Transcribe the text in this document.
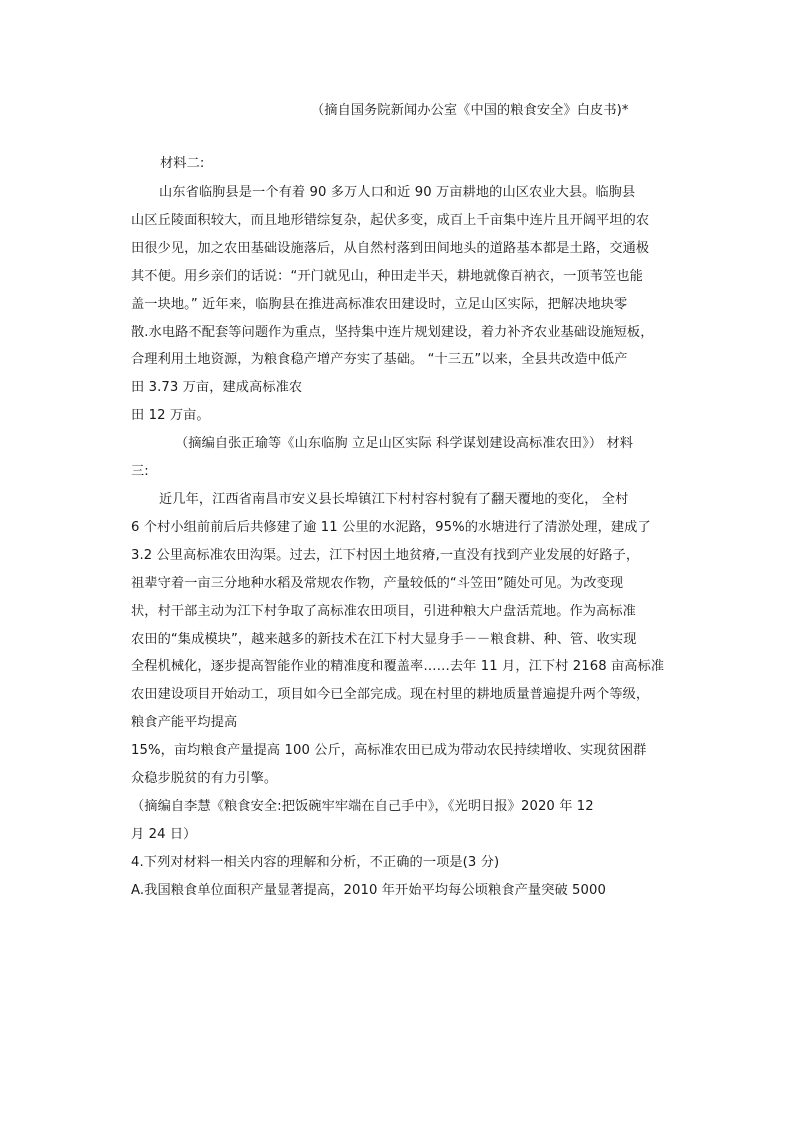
（摘自国务院新闻办公室《中国的粮食安全》白皮书)*
材料二:
山东省临朐县是一个有着 90 多万人口和近 90 万亩耕地的山区农业大县。临朐县
山区丘陵面积较大，而且地形错综复杂，起伏多变，成百上千亩集中连片且开阔平坦的农
田很少见，加之农田基础设施落后，从自然村落到田间地头的道路基本都是土路，交通极
其不便。用乡亲们的话说：“开门就见山，种田走半天，耕地就像百衲衣，一顶苇笠也能
盖一块地。” 近年来，临朐县在推进高标准农田建设时，立足山区实际，把解决地块零
散.水电路不配套等问题作为重点，坚持集中连片规划建设，着力补齐农业基础设施短板，
合理利用土地资源，为粮食稳产增产夯实了基础。 “十三五”以来，全县共改造中低产
田 3.73 万亩，建成高标准农
田 12 万亩。
（摘编自张正瑜等《山东临朐 立足山区实际 科学谋划建设高标准农田》） 材料
三:
近几年，江西省南昌市安义县长埠镇江下村村容村貌有了翻天覆地的变化， 全村
6 个村小组前前后后共修建了逾 11 公里的水泥路，95%的水塘进行了清淤处理，建成了
3.2 公里高标准农田沟渠。过去，江下村因土地贫瘠,一直没有找到产业发展的好路子，
祖辈守着一亩三分地种水稻及常规农作物，产量较低的“斗笠田”随处可见。为改变现
状，村干部主动为江下村争取了高标准农田项目，引进种粮大户盘活荒地。作为高标准
农田的“集成模块”，越来越多的新技术在江下村大显身手－－粮食耕、种、管、收实现
全程机械化，逐步提高智能作业的精准度和覆盖率……去年 11 月，江下村 2168 亩高标准
农田建设项目开始动工，项目如今已全部完成。现在村里的耕地质量普遍提升两个等级，
粮食产能平均提高
15%，亩均粮食产量提高 100 公斤，高标准农田已成为带动农民持续增收、实现贫困群
众稳步脱贫的有力引擎。
（摘编自李慧《粮食安全:把饭碗牢牢端在自己手中》，《光明日报》2020 年 12
月 24 日）
4.下列对材料一相关内容的理解和分析，不正确的一项是(3 分)
A.我国粮食单位面积产量显著提高，2010 年开始平均每公顷粮食产量突破 5000
